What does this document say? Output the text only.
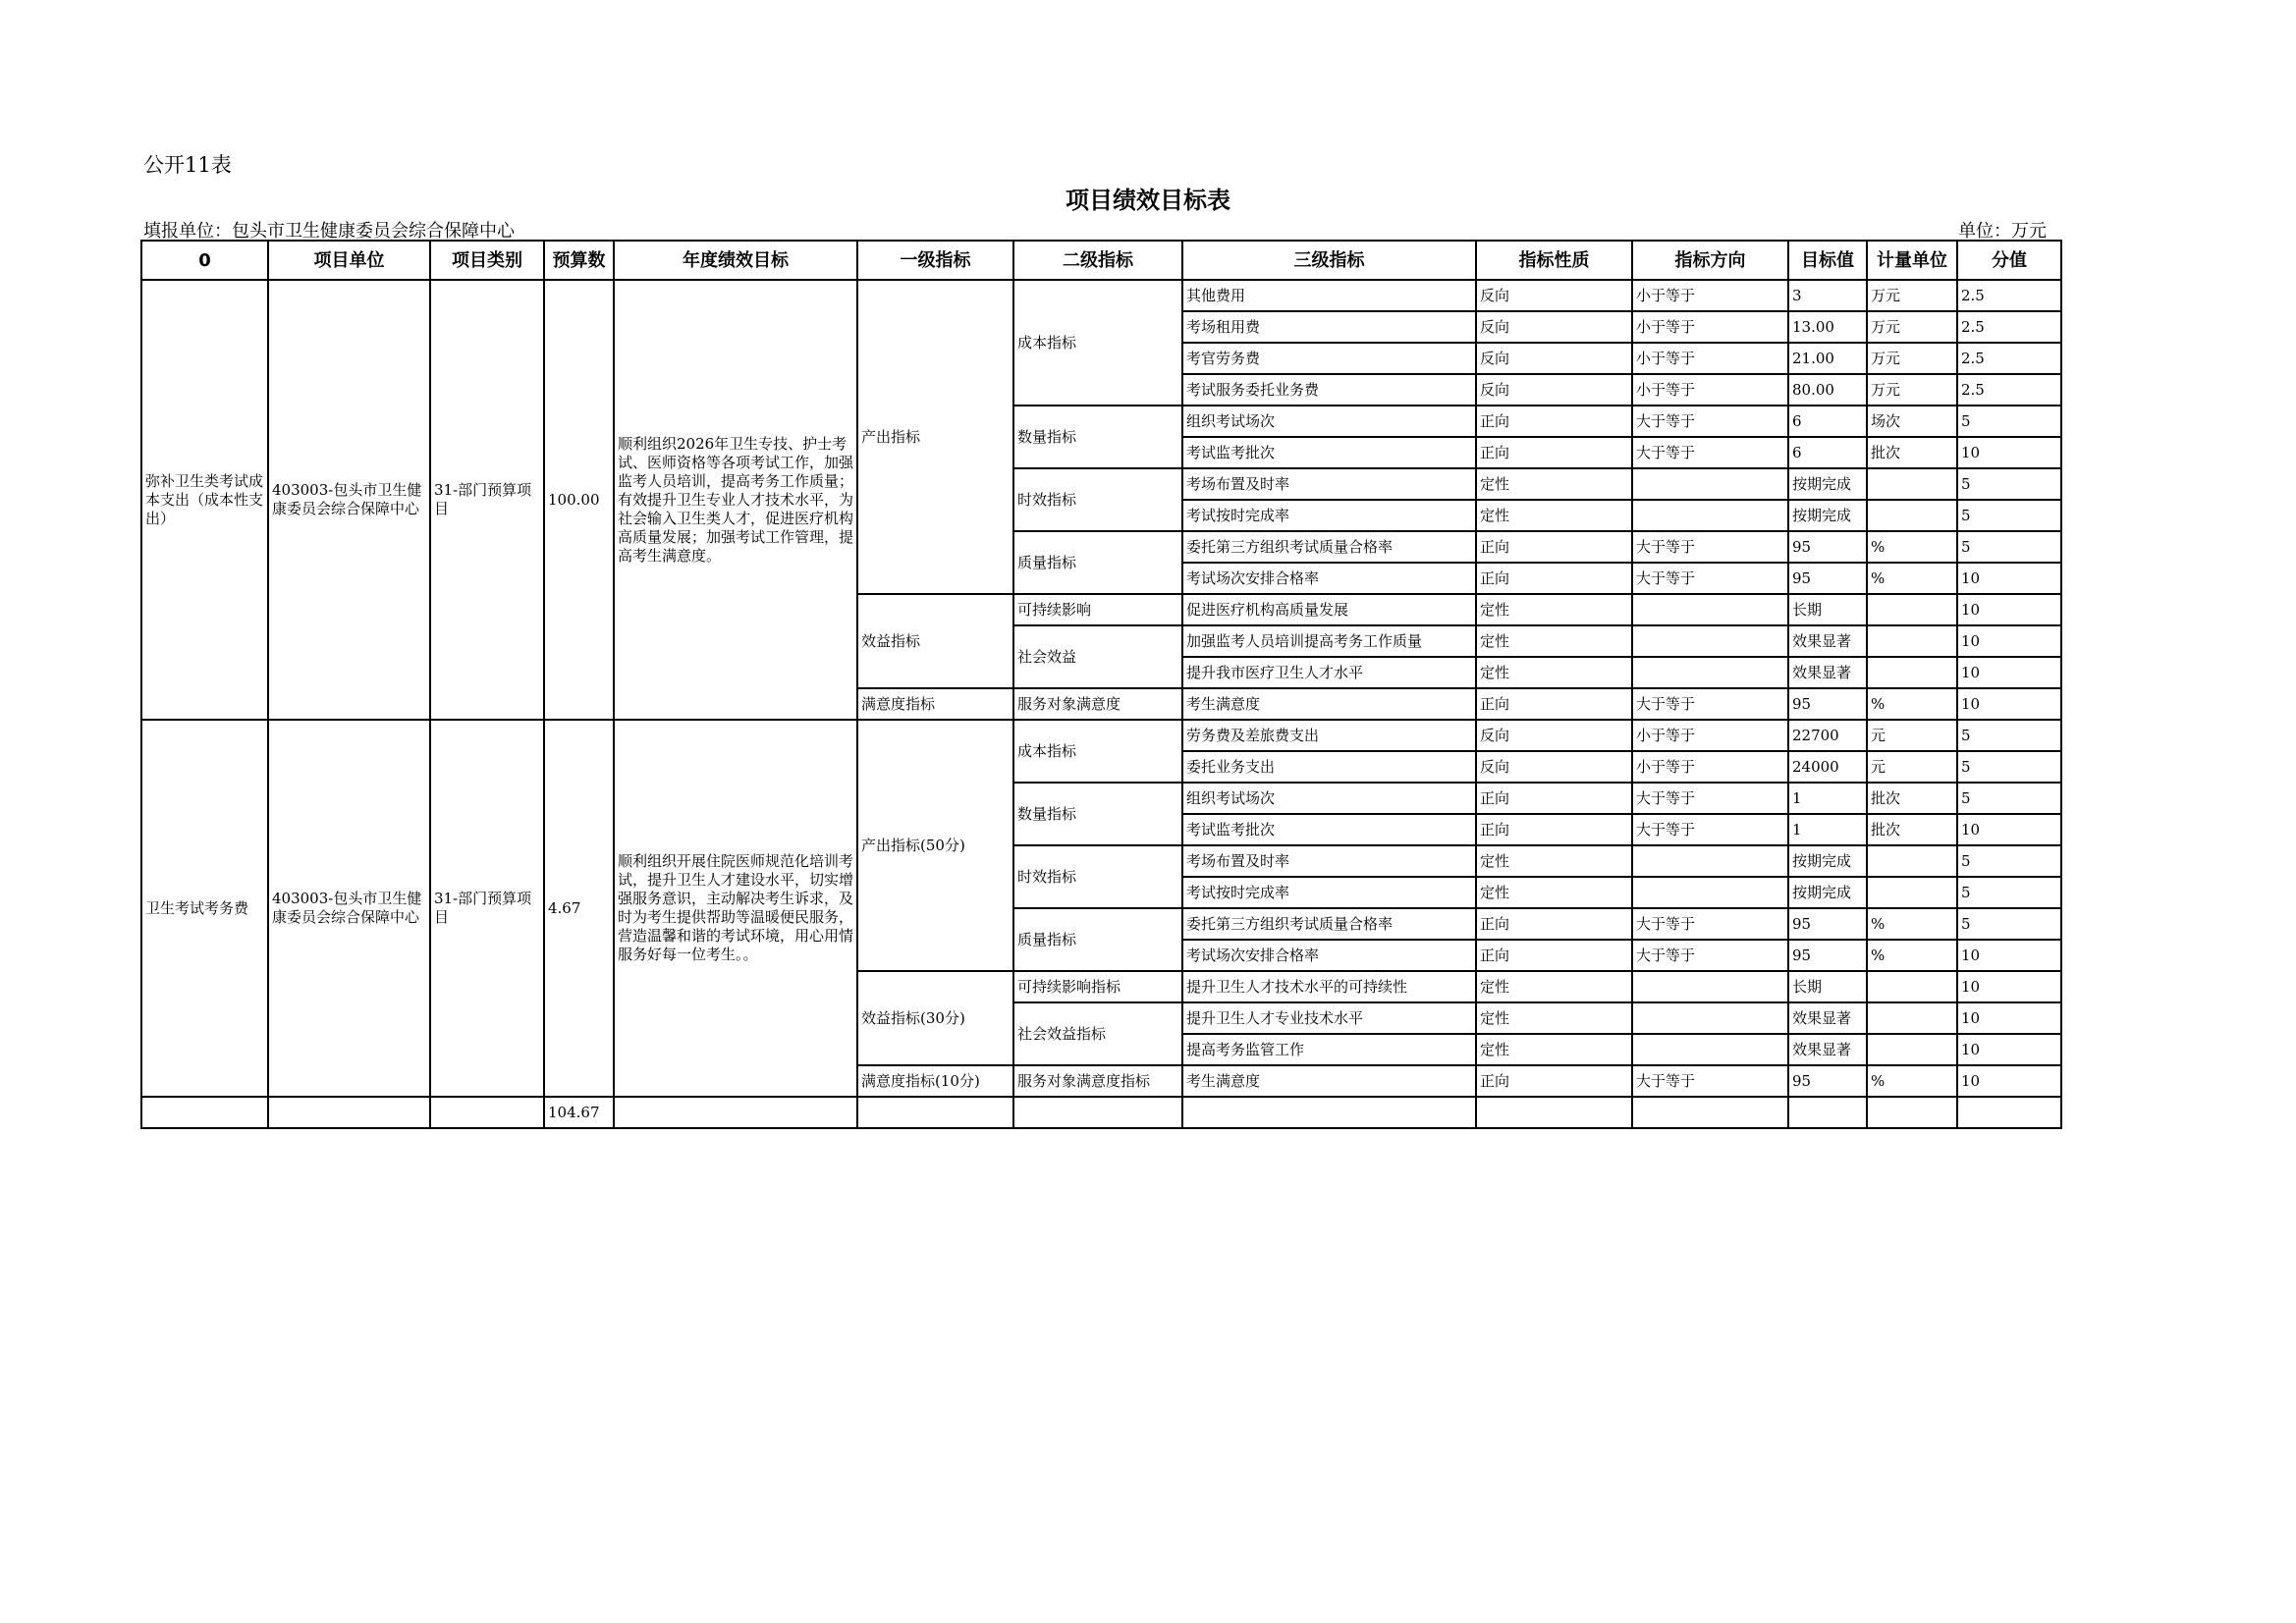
公开11表
项目绩效目标表
填报单位：包头市卫生健康委员会综合保障中心	单位：万元
0	项目单位	项目类别	预算数	年度绩效目标	一级指标	二级指标	三级指标	指标性质	指标方向	目标值	计量单位	分值
弥补卫生类考试成本支出（成本性支出）	403003-包头市卫生健康委员会综合保障中心	31-部门预算项目	100.00	顺利组织2026年卫生专技、护士考试、医师资格等各项考试工作，加强监考人员培训，提高考务工作质量；有效提升卫生专业人才技术水平，为社会输入卫生类人才，促进医疗机构高质量发展；加强考试工作管理，提高考生满意度。	产出指标	成本指标	其他费用	反向	小于等于	3	万元	2.5
							考场租用费	反向	小于等于	13.00	万元	2.5
							考官劳务费	反向	小于等于	21.00	万元	2.5
							考试服务委托业务费	反向	小于等于	80.00	万元	2.5
						数量指标	组织考试场次	正向	大于等于	6	场次	5
							考试监考批次	正向	大于等于	6	批次	10
						时效指标	考场布置及时率	定性		按期完成		5
							考试按时完成率	定性		按期完成		5
						质量指标	委托第三方组织考试质量合格率	正向	大于等于	95	%	5
							考试场次安排合格率	正向	大于等于	95	%	10
					效益指标	可持续影响	促进医疗机构高质量发展	定性		长期		10
						社会效益	加强监考人员培训提高考务工作质量	定性		效果显著		10
							提升我市医疗卫生人才水平	定性		效果显著		10
					满意度指标	服务对象满意度	考生满意度	正向	大于等于	95	%	10
卫生考试考务费	403003-包头市卫生健康委员会综合保障中心	31-部门预算项目	4.67	顺利组织开展住院医师规范化培训考试，提升卫生人才建设水平，切实增强服务意识，主动解决考生诉求，及时为考生提供帮助等温暖便民服务，营造温馨和谐的考试环境，用心用情服务好每一位考生。。	产出指标(50分)	成本指标	劳务费及差旅费支出	反向	小于等于	22700	元	5
							委托业务支出	反向	小于等于	24000	元	5
						数量指标	组织考试场次	正向	大于等于	1	批次	5
							考试监考批次	正向	大于等于	1	批次	10
						时效指标	考场布置及时率	定性		按期完成		5
							考试按时完成率	定性		按期完成		5
						质量指标	委托第三方组织考试质量合格率	正向	大于等于	95	%	5
							考试场次安排合格率	正向	大于等于	95	%	10
					效益指标(30分)	可持续影响指标	提升卫生人才技术水平的可持续性	定性		长期		10
						社会效益指标	提升卫生人才专业技术水平	定性		效果显著		10
							提高考务监管工作	定性		效果显著		10
					满意度指标(10分)	服务对象满意度指标	考生满意度	正向	大于等于	95	%	10
			104.67									
